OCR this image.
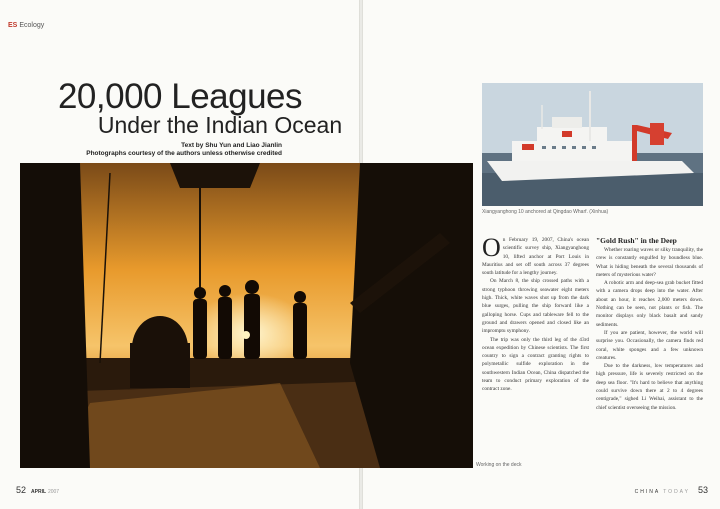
ES Ecology
20,000 Leagues
Under the Indian Ocean
Text by Shu Yun and Liao Jianlin
Photographs courtesy of the authors unless otherwise credited
Working on the deck
Xiangyanghong 10 anchored at Qingdao Wharf. (Xinhua)
O n February 19, 2007, China's ocean scientific survey ship, Xiangyanghong 10, lifted anchor at Port Louis in Mauritius and set off south across 37 degrees south latitude for a lengthy journey.

On March 8, the ship crossed paths with a strong typhoon throwing seawater eight meters high. Thick, white waves shot up from the dark blue surges, pulling the ship forward like a galloping horse. Cups and tableware fell to the ground and drawers opened and closed like an impromptu symphony.

The trip was only the third leg of the 43rd ocean expedition by Chinese scientists. The first country to sign a contract granting rights to polymetallic sulfide exploration in the southwestern Indian Ocean, China dispatched the team to conduct primary exploration of the contract zone.

"Gold Rush" in the Deep

Whether roaring waves or silky tranquility, the crew is constantly engulfed by boundless blue. What is hiding beneath the several thousands of meters of mysterious water?

A robotic arm and deep-sea grab bucket fitted with a camera drops deep into the water. After about an hour, it reaches 2,000 meters down. Nothing can be seen, not plants or fish. The monitor displays only black basalt and sandy sediments.

If you are patient, however, the world will surprise you. Occasionally, the camera finds red coral, white sponges and a few unknown creatures.

Due to the darkness, low temperatures and high pressure, life is severely restricted on the deep sea floor. "It's hard to believe that anything could survive down there at 2 to 4 degrees centigrade," sighed Li Weihai, assistant to the chief scientist overseeing the mission.

52 APRIL 2007	CHINA TODAY 53
